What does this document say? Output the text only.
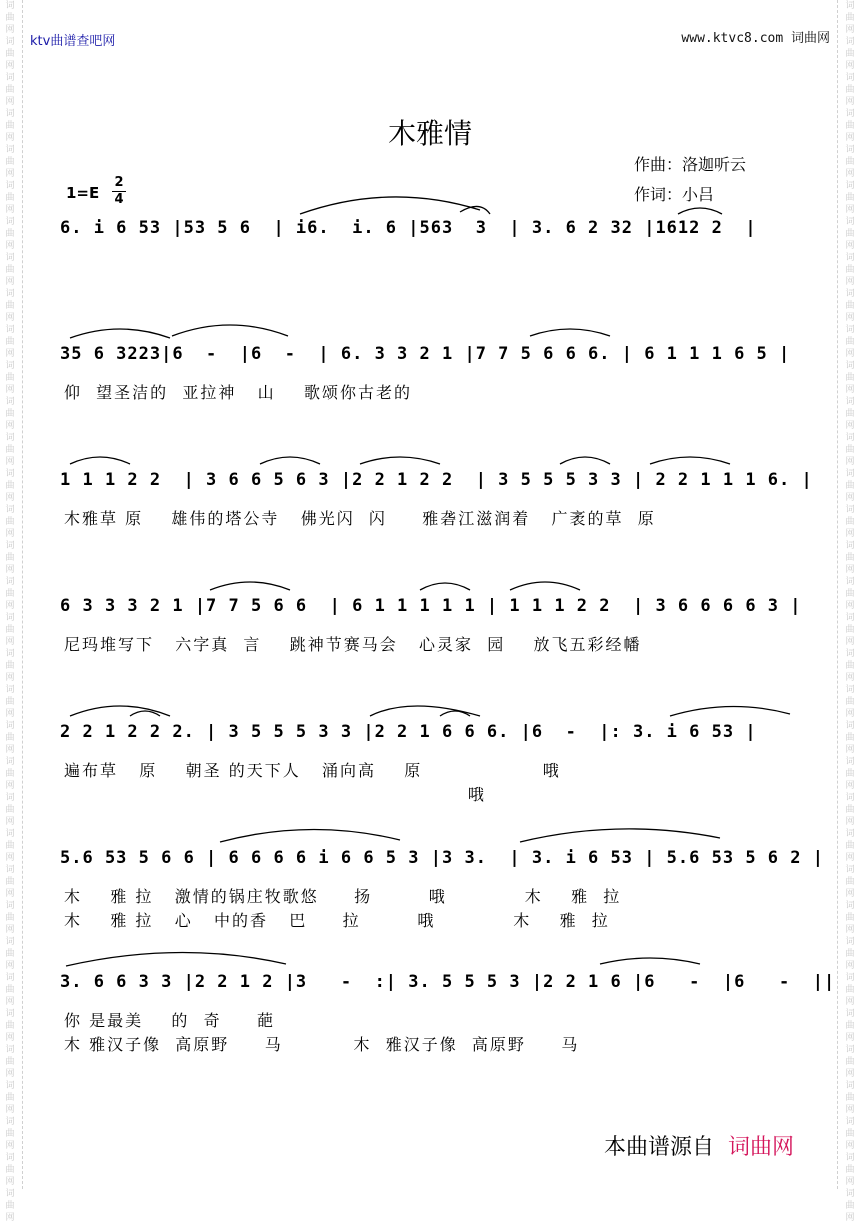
词曲网词曲网词曲网词曲网词曲网词曲网词曲网词曲网词曲网词曲网词曲网词曲网词曲网词曲网词曲网词曲网词曲网词曲网词曲网词曲网词曲网词曲网词曲网词曲网词曲网词曲网词曲网词曲网词曲网词曲网词曲网词曲网词曲网词曲网
词曲网词曲网词曲网词曲网词曲网词曲网词曲网词曲网词曲网词曲网词曲网词曲网词曲网词曲网词曲网词曲网词曲网词曲网词曲网词曲网词曲网词曲网词曲网词曲网词曲网词曲网词曲网词曲网词曲网词曲网词曲网词曲网词曲网词曲网
ktv曲谱查吧网	www.ktvc8.com 词曲网
木雅情
作曲：洛迦听云
作词：小吕
1=E
2
4
6. i 6 53 |53 5 6  | i6.  i. 6 |563  3  | 3. 6 2 32 |1612 2  |
35 6 3223|6  -  |6  -  | 6. 3 3 2 1 |7 7 5 6 6 6. | 6 1 1 1 6 5 |
仰  望圣洁的  亚拉神   山    歌颂你古老的
1 1 1 2 2  | 3 6 6 5 6 3 |2 2 1 2 2  | 3 5 5 5 3 3 | 2 2 1 1 1 6. |
木雅草 原    雄伟的塔公寺   佛光闪  闪     雅砻江滋润着   广袤的草  原
6 3 3 3 2 1 |7 7 5 6 6  | 6 1 1 1 1 1 | 1 1 1 2 2  | 3 6 6 6 6 3 |
尼玛堆写下   六字真  言    跳神节赛马会   心灵家  园    放飞五彩经幡
2 2 1 2 2 2. | 3 5 5 5 3 3 |2 2 1 6 6 6. |6  -  |: 3. i 6 53 |
遍布草   原    朝圣 的天下人   涌向高    原                 哦
哦
5.6 53 5 6 6 | 6 6 6 6 i 6 6 5 3 |3 3.  | 3. i 6 53 | 5.6 53 5 6 2 |
木    雅 拉   激情的锅庄牧歌悠     扬        哦           木    雅  拉
木    雅 拉   心   中的香   巴     拉        哦           木    雅  拉
3. 6 6 3 3 |2 2 1 2 |3   -  :| 3. 5 5 5 3 |2 2 1 6 |6   -  |6   -  ||
你 是最美    的  奇     葩
木 雅汉子像  高原野     马          木  雅汉子像  高原野     马
本曲谱源自 词曲网
